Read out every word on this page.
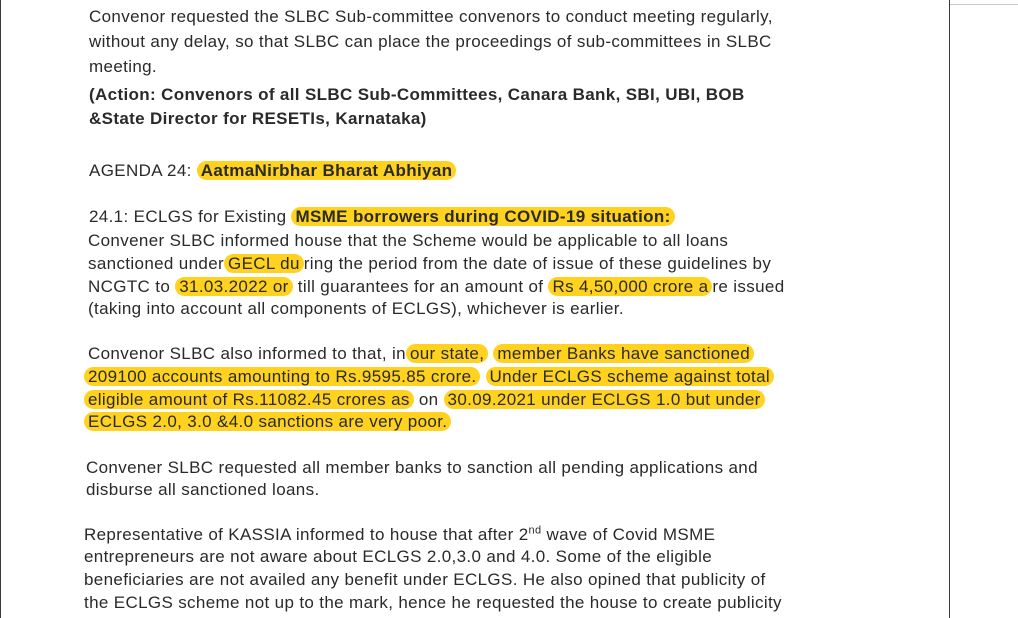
Convenor requested the SLBC Sub-committee convenors to conduct meeting regularly,
without any delay, so that SLBC can place the proceedings of sub-committees in SLBC
meeting.
(Action: Convenors of all SLBC Sub-Committees, Canara Bank, SBI, UBI, BOB
&State Director for RESETIs, Karnataka)
AGENDA 24: AatmaNirbhar Bharat Abhiyan
24.1: ECLGS for Existing MSME borrowers during COVID-19 situation:
Convener SLBC informed house that the Scheme would be applicable to all loans
sanctioned under GECL du ring the period from the date of issue of these guidelines by
NCGTC to 31.03.2022 or till guarantees for an amount of Rs 4,50,000 crore a re issued
(taking into account all components of ECLGS), whichever is earlier.
Convenor SLBC also informed to that, in our state, member Banks have sanctioned
209100 accounts amounting to Rs.9595.85 crore. Under ECLGS scheme against total
eligible amount of Rs.11082.45 crores as on 30.09.2021 under ECLGS 1.0 but under
ECLGS 2.0, 3.0 &4.0 sanctions are very poor.
Convener SLBC requested all member banks to sanction all pending applications and
disburse all sanctioned loans.
Representative of KASSIA informed to house that after 2nd wave of Covid MSME
entrepreneurs are not aware about ECLGS 2.0,3.0 and 4.0. Some of the eligible
beneficiaries are not availed any benefit under ECLGS. He also opined that publicity of
the ECLGS scheme not up to the mark, hence he requested the house to create publicity
